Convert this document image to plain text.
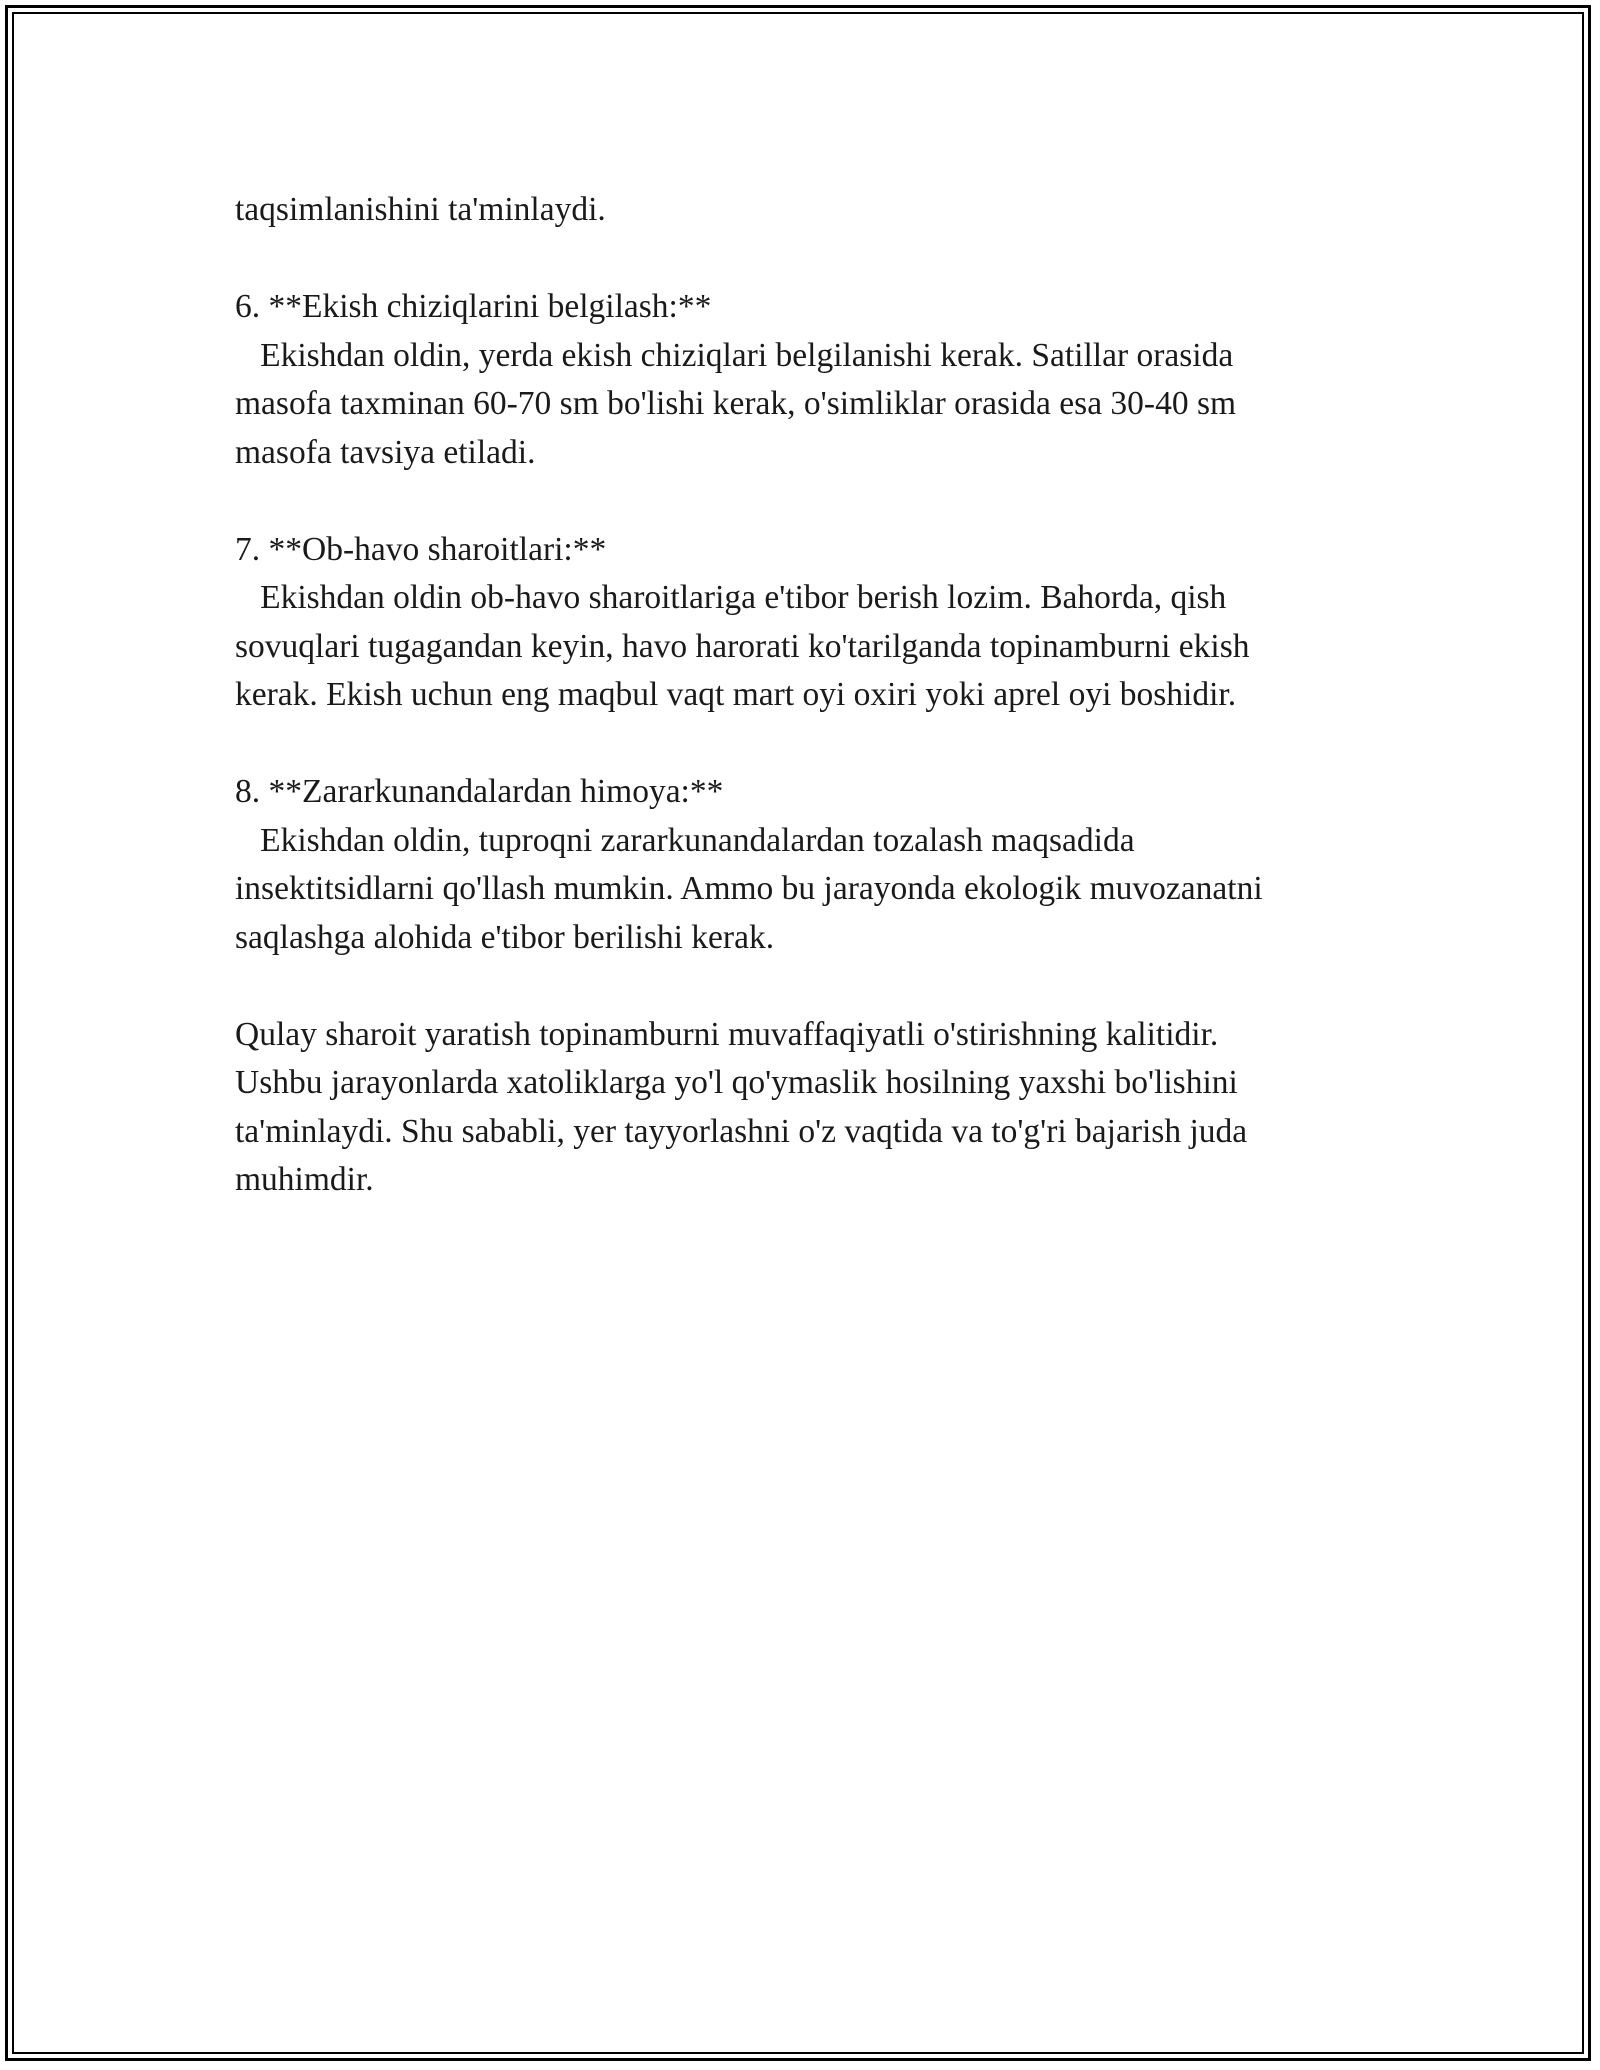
taqsimlanishini ta'minlaydi.

6. **Ekish chiziqlarini belgilash:**

Ekishdan oldin, yerda ekish chiziqlari belgilanishi kerak. Satillar orasida

masofa taxminan 60-70 sm bo'lishi kerak, o'simliklar orasida esa 30-40 sm

masofa tavsiya etiladi.

7. **Ob-havo sharoitlari:**

Ekishdan oldin ob-havo sharoitlariga e'tibor berish lozim. Bahorda, qish

sovuqlari tugagandan keyin, havo harorati ko'tarilganda topinamburni ekish

kerak. Ekish uchun eng maqbul vaqt mart oyi oxiri yoki aprel oyi boshidir.

8. **Zararkunandalardan himoya:**

Ekishdan oldin, tuproqni zararkunandalardan tozalash maqsadida

insektitsidlarni qo'llash mumkin. Ammo bu jarayonda ekologik muvozanatni

saqlashga alohida e'tibor berilishi kerak.

Qulay sharoit yaratish topinamburni muvaffaqiyatli o'stirishning kalitidir.

Ushbu jarayonlarda xatoliklarga yo'l qo'ymaslik hosilning yaxshi bo'lishini

ta'minlaydi. Shu sababli, yer tayyorlashni o'z vaqtida va to'g'ri bajarish juda

muhimdir.
